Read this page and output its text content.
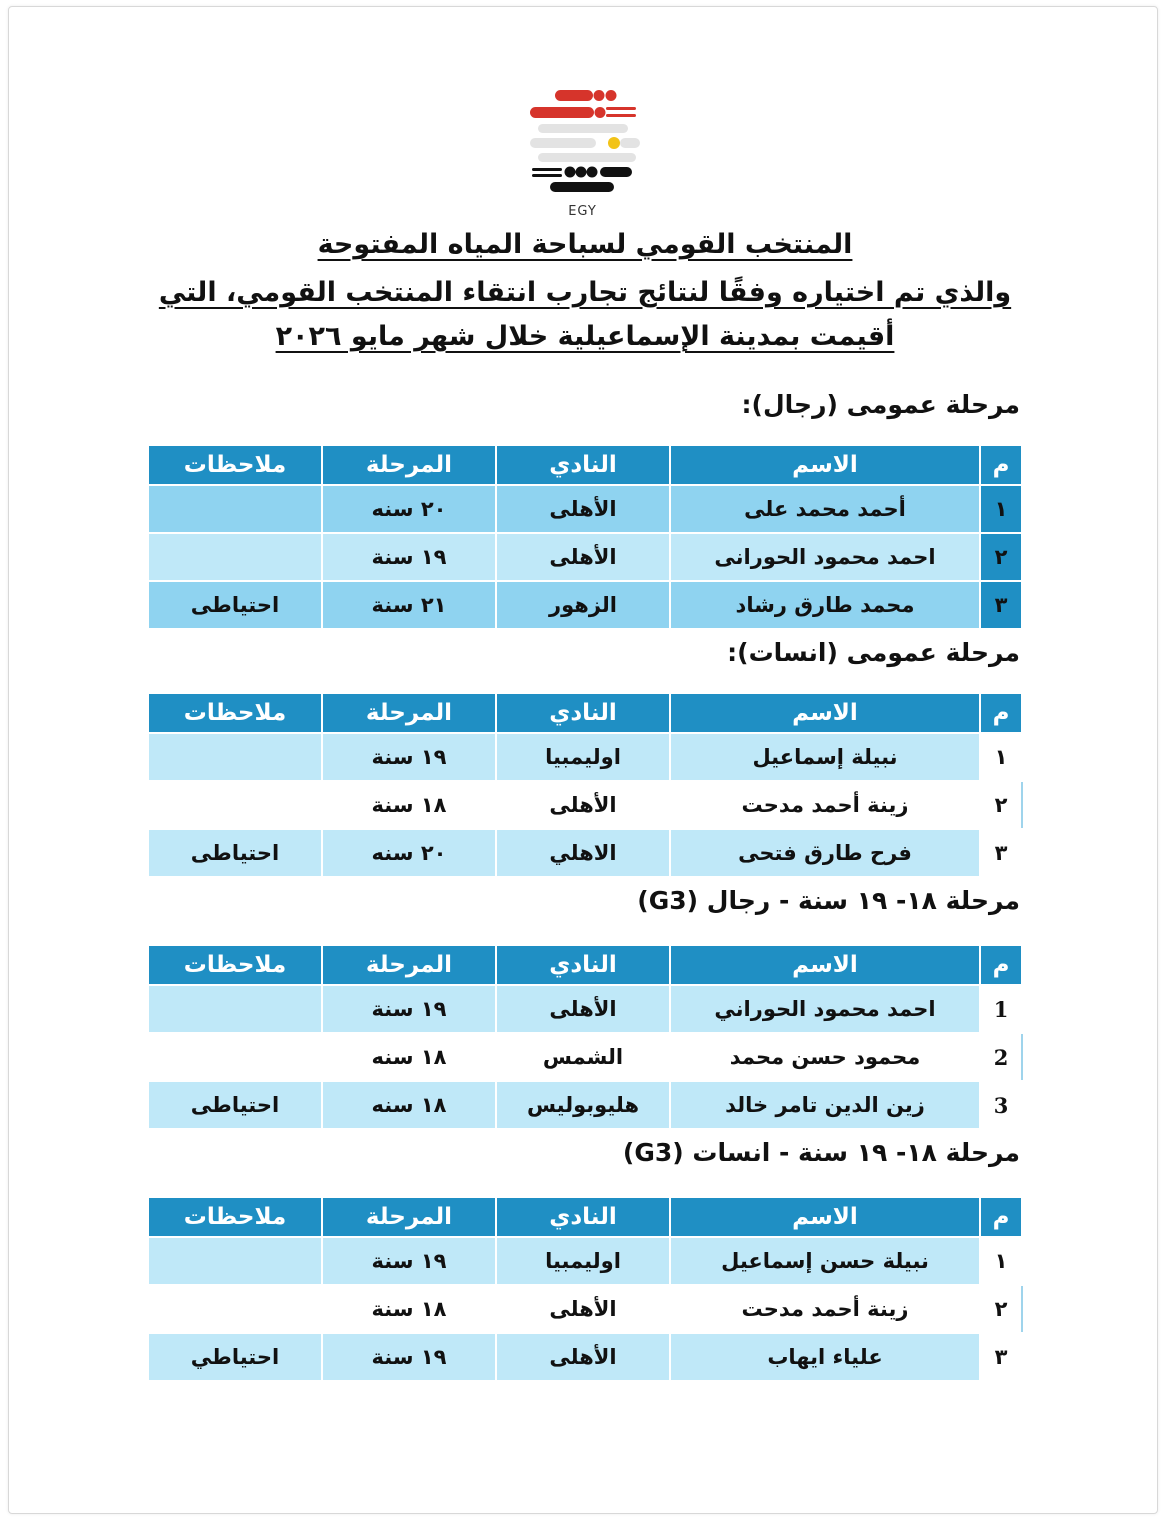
EGY
المنتخب القومي لسباحة المياه المفتوحة
والذي تم اختياره وفقًا لنتائج تجارب انتقاء المنتخب القومي، التي
أقيمت بمدينة الإسماعيلية خلال شهر مايو ٢٠٢٦
مرحلة عمومى (رجال):
م	الاسم	النادي	المرحلة	ملاحظات
١	أحمد محمد على	الأهلى	٢٠ سنه	
٢	احمد محمود الحورانى	الأهلى	١٩ سنة	
٣	محمد طارق رشاد	الزهور	٢١ سنة	احتياطى
مرحلة عمومى (انسات):
م	الاسم	النادي	المرحلة	ملاحظات
١	نبيلة إسماعيل	اوليمبيا	١٩ سنة	
٢	زينة أحمد مدحت	الأهلى	١٨ سنة	
٣	فرح طارق فتحى	الاهلي	٢٠ سنه	احتياطى
مرحلة ١٨- ١٩ سنة - رجال (G3)
م	الاسم	النادي	المرحلة	ملاحظات
1	احمد محمود الحوراني	الأهلى	١٩ سنة	
2	محمود حسن محمد	الشمس	١٨ سنه	
3	زين الدين تامر خالد	هليوبوليس	١٨ سنه	احتياطى
مرحلة ١٨- ١٩ سنة - انسات (G3)
م	الاسم	النادي	المرحلة	ملاحظات
١	نبيلة حسن إسماعيل	اوليمبيا	١٩ سنة	
٢	زينة أحمد مدحت	الأهلى	١٨ سنة	
٣	علياء ايهاب	الأهلى	١٩ سنة	احتياطي
